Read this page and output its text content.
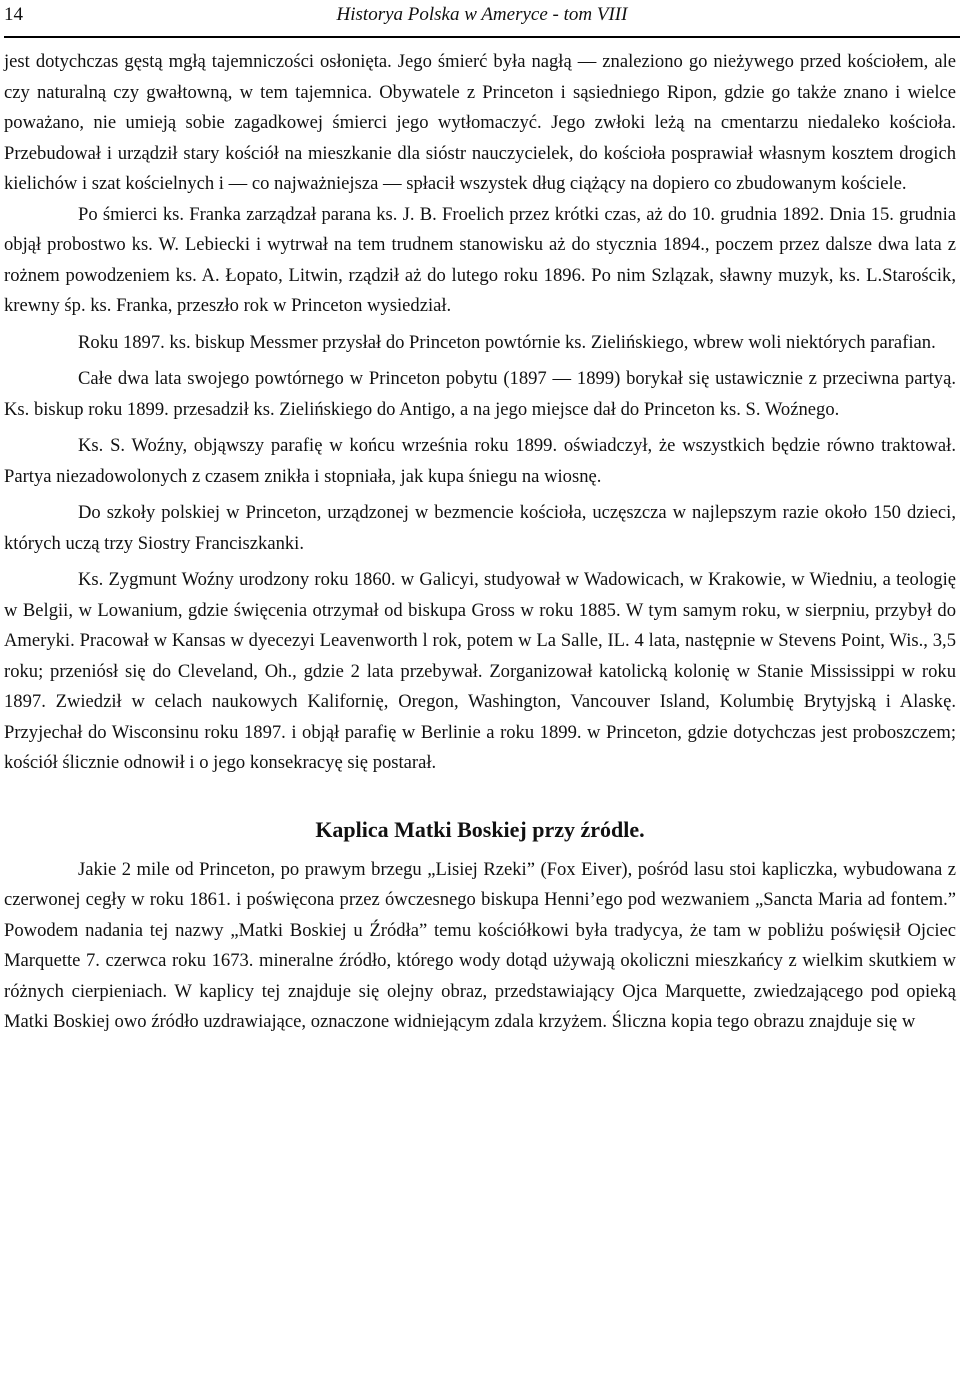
14	Historya Polska w Ameryce - tom VIII

jest dotychczas gęstą mgłą tajemniczości osłonięta. Jego śmierć była nagłą — znaleziono go nieżywego przed kościołem, ale czy naturalną czy gwałtowną, w tem tajemnica. Obywatele z Princeton i sąsiedniego Ripon, gdzie go także znano i wielce poważano, nie umieją sobie zagadkowej śmierci jego wytłomaczyć. Jego zwłoki leżą na cmentarzu niedaleko kościoła. Przebudował i urządził stary kościół na mieszkanie dla sióstr nauczycielek, do kościoła posprawiał własnym kosztem drogich kielichów i szat kościelnych i — co najważniejsza — spłacił wszystek dług ciążący na dopiero co zbudowanym kościele.

Po śmierci ks. Franka zarządzał parana ks. J. B. Froelich przez krótki czas, aż do 10. grudnia 1892. Dnia 15. grudnia objął probostwo ks. W. Lebiecki i wytrwał na tem trudnem stanowisku aż do stycznia 1894., poczem przez dalsze dwa lata z rożnem powodzeniem ks. A. Łopato, Litwin, rządził aż do lutego roku 1896. Po nim Szlązak, sławny muzyk, ks. L.Starościk, krewny śp. ks. Franka, przeszło rok w Princeton wysiedział.

Roku 1897. ks. biskup Messmer przysłał do Princeton powtórnie ks. Zielińskiego, wbrew woli niektórych parafian.

Całe dwa lata swojego powtórnego w Princeton pobytu (1897 — 1899) borykał się ustawicznie z przeciwna partyą. Ks. biskup roku 1899. przesadził ks. Zielińskiego do Antigo, a na jego miejsce dał do Princeton ks. S. Woźnego.

Ks. S. Woźny, objąwszy parafię w końcu września roku 1899. oświadczył, że wszystkich będzie równo traktował. Partya niezadowolonych z czasem znikła i stopniała, jak kupa śniegu na wiosnę.

Do szkoły polskiej w Princeton, urządzonej w bezmencie kościoła, uczęszcza w najlepszym razie około 150 dzieci, których uczą trzy Siostry Franciszkanki.

Ks. Zygmunt Woźny urodzony roku 1860. w Galicyi, studyował w Wadowicach, w Krakowie, w Wiedniu, a teologię w Belgii, w Lowanium, gdzie święcenia otrzymał od biskupa Gross w roku 1885. W tym samym roku, w sierpniu, przybył do Ameryki. Pracował w Kansas w dyecezyi Leavenworth l rok, potem w La Salle, IL. 4 lata, następnie w Stevens Point, Wis., 3,5 roku; przeniósł się do Cleveland, Oh., gdzie 2 lata przebywał. Zorganizował katolicką kolonię w Stanie Mississippi w roku 1897. Zwiedził w celach naukowych Kalifornię, Oregon, Washington, Vancouver Island, Kolumbię Brytyjską i Alaskę. Przyjechał do Wisconsinu roku 1897. i objął parafię w Berlinie a roku 1899. w Princeton, gdzie dotychczas jest proboszczem; kościół ślicznie odnowił i o jego konsekracyę się postarał.

Kaplica Matki Boskiej przy źródle.

Jakie 2 mile od Princeton, po prawym brzegu „Lisiej Rzeki” (Fox Eiver), pośród lasu stoi kapliczka, wybudowana z czerwonej cegły w roku 1861. i poświęcona przez ówczesnego biskupa Henni’ego pod wezwaniem „Sancta Maria ad fontem.” Powodem nadania tej nazwy „Matki Boskiej u Źródła” temu kościółkowi była tradycya, że tam w pobliżu poświęsił Ojciec Marquette 7. czerwca roku 1673. mineralne źródło, którego wody dotąd używają okoliczni mieszkańcy z wielkim skutkiem w różnych cierpieniach. W kaplicy tej znajduje się olejny obraz, przedstawiający Ojca Marquette, zwiedzającego pod opieką Matki Boskiej owo źródło uzdrawiające, oznaczone widniejącym zdala krzyżem. Śliczna kopia tego obrazu znajduje się w
